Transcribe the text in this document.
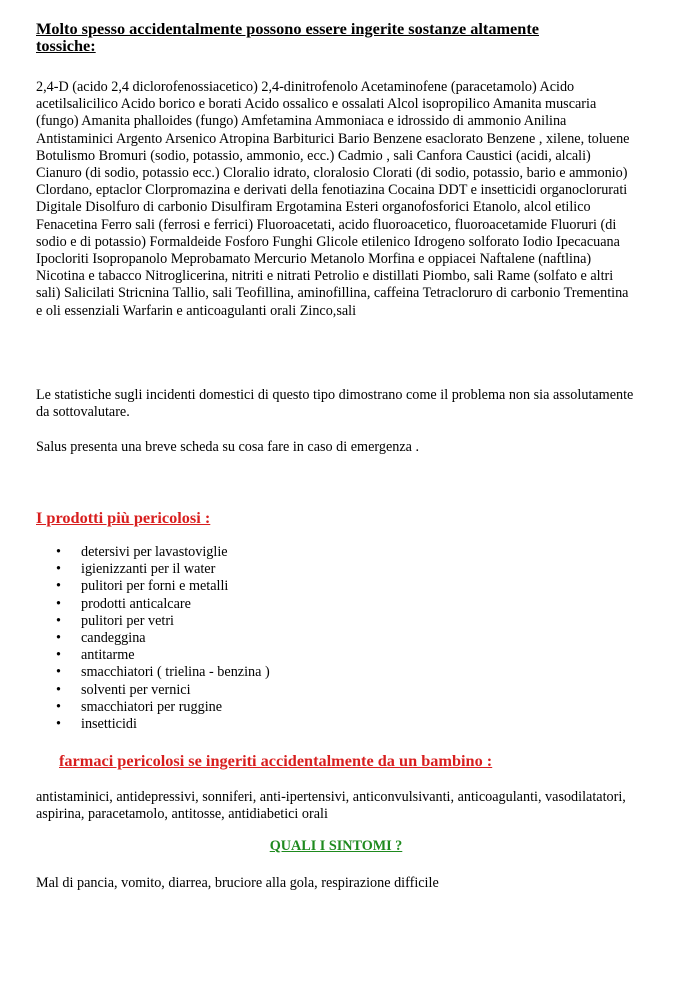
Molto spesso accidentalmente possono essere ingerite sostanze altamente
tossiche:

2,4-D (acido 2,4 diclorofenossiacetico) 2,4-dinitrofenolo Acetaminofene (paracetamolo) Acido acetilsalicilico Acido borico e borati Acido ossalico e ossalati Alcol isopropilico Amanita muscaria (fungo) Amanita phalloides (fungo) Amfetamina Ammoniaca e idrossido di ammonio Anilina Antistaminici Argento Arsenico Atropina Barbiturici Bario Benzene esaclorato Benzene , xilene, toluene Botulismo Bromuri (sodio, potassio, ammonio, ecc.) Cadmio , sali Canfora Caustici (acidi, alcali) Cianuro (di sodio, potassio ecc.) Cloralio idrato, cloralosio Clorati (di sodio, potassio, bario e ammonio) Clordano, eptaclor Clorpromazina e derivati della fenotiazina Cocaina DDT e insetticidi organoclorurati Digitale Disolfuro di carbonio Disulfiram Ergotamina Esteri organofosforici Etanolo, alcol etilico Fenacetina Ferro sali (ferrosi e ferrici) Fluoroacetati, acido fluoroacetico, fluoroacetamide Fluoruri (di sodio e di potassio) Formaldeide Fosforo Funghi Glicole etilenico Idrogeno solforato Iodio Ipecacuana Ipocloriti Isopropanolo Meprobamato Mercurio Metanolo Morfina e oppiacei Naftalene (naftlina) Nicotina e tabacco Nitroglicerina, nitriti e nitrati Petrolio e distillati Piombo, sali Rame (solfato e altri sali) Salicilati Stricnina Tallio, sali Teofillina, aminofillina, caffeina Tetracloruro di carbonio Trementina e oli essenziali Warfarin e anticoagulanti orali Zinco,sali

Le statistiche sugli incidenti domestici di questo tipo dimostrano come il problema non sia assolutamente da sottovalutare.

Salus presenta una breve scheda su cosa fare in caso di emergenza .

I prodotti più pericolosi :
• detersivi per lavastoviglie
• igienizzanti per il water
• pulitori per forni e metalli
• prodotti anticalcare
• pulitori per vetri
• candeggina
• antitarme
• smacchiatori ( trielina - benzina )
• solventi per vernici
• smacchiatori per ruggine
• insetticidi
farmaci pericolosi se ingeriti accidentalmente da un bambino :

antistaminici, antidepressivi, sonniferi, anti-ipertensivi, anticonvulsivanti, anticoagulanti, vasodilatatori, aspirina, paracetamolo, antitosse, antidiabetici orali

QUALI I SINTOMI ?

Mal di pancia, vomito, diarrea, bruciore alla gola, respirazione difficile
